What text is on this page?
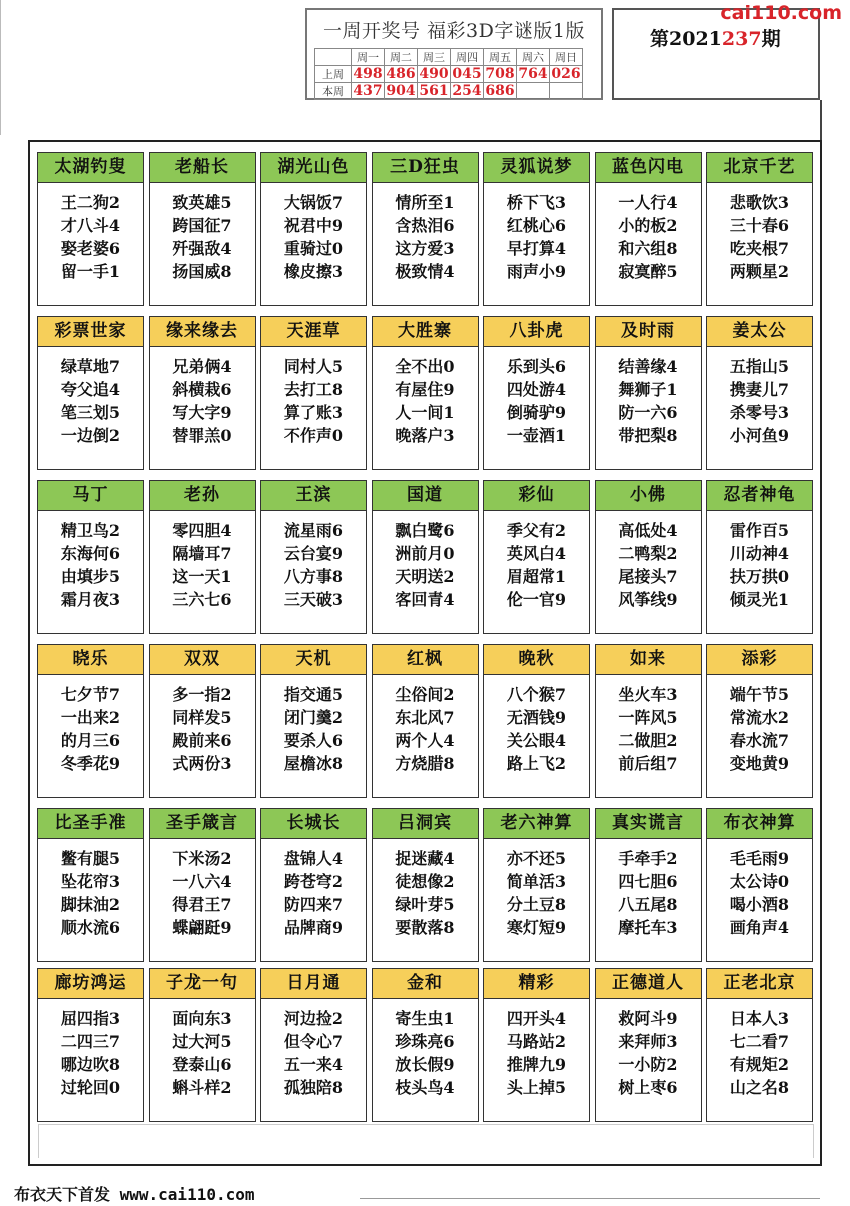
一周开奖号 福彩3D字谜版1版
	周一	周二	周三	周四	周五	周六	周日
上周	498	486	490	045	708	764	026
本周	437	904	561	254	686		
第2021237期
cai110.com
太湖钓叟
王二狗2
才八斗4
娶老婆6
留一手1
老船长
致英雄5
跨国征7
歼强敌4
扬国威8
湖光山色
大锅饭7
祝君中9
重骑过0
橡皮擦3
三D狂虫
情所至1
含热泪6
这方爱3
极致情4
灵狐说梦
桥下飞3
红桃心6
早打算4
雨声小9
蓝色闪电
一人行4
小的板2
和六组8
寂寞醉5
北京千艺
悲歌饮3
三十春6
吃夹根7
两颗星2
彩票世家
绿草地7
夸父追4
笔三划5
一边倒2
缘来缘去
兄弟俩4
斜横栽6
写大字9
替罪羔0
天涯草
同村人5
去打工8
算了账3
不作声0
大胜寨
全不出0
有屋住9
人一间1
晚落户3
八卦虎
乐到头6
四处游4
倒骑驴9
一壶酒1
及时雨
结善缘4
舞狮子1
防一六6
带把梨8
姜太公
五指山5
携妻儿7
杀零号3
小河鱼9
马丁
精卫鸟2
东海何6
由填步5
霜月夜3
老孙
零四胆4
隔墙耳7
这一天1
三六七6
王滨
流星雨6
云台宴9
八方事8
三天破3
国道
飘白鹭6
洲前月0
天明送2
客回青4
彩仙
季父有2
英风白4
眉超常1
伦一官9
小佛
高低处4
二鸭梨2
尾接头7
风筝线9
忍者神龟
雷作百5
川动神4
扶万拱0
倾灵光1
晓乐
七夕节7
一出来2
的月三6
冬季花9
双双
多一指2
同样发5
殿前来6
式两份3
天机
指交通5
闭门羹2
要杀人6
屋檐冰8
红枫
尘俗间2
东北风7
两个人4
方烧腊8
晚秋
八个猴7
无酒钱9
关公眼4
路上飞2
如来
坐火车3
一阵风5
二做胆2
前后组7
添彩
端午节5
常流水2
春水流7
变地黄9
比圣手准
鳖有腿5
坠花帘3
脚抹油2
顺水流6
圣手箴言
下米汤2
一八六4
得君王7
蝶翩跹9
长城长
盘锦人4
跨苍穹2
防四来7
品牌商9
吕洞宾
捉迷藏4
徒想像2
绿叶芽5
要散落8
老六神算
亦不还5
简单活3
分土豆8
寒灯短9
真实谎言
手牵手2
四七胆6
八五尾8
摩托车3
布衣神算
毛毛雨9
太公诗0
喝小酒8
画角声4
廊坊鸿运
屈四指3
二四三7
哪边吹8
过轮回0
子龙一句
面向东3
过大河5
登泰山6
蝌斗样2
日月通
河边捡2
但令心7
五一来4
孤独陪8
金和
寄生虫1
珍珠亮6
放长假9
枝头鸟4
精彩
四开头4
马路站2
推牌九9
头上掉5
正德道人
救阿斗9
来拜师3
一小防2
树上枣6
正老北京
日本人3
七二看7
有规矩2
山之名8
布衣天下首发 www.cai110.com
